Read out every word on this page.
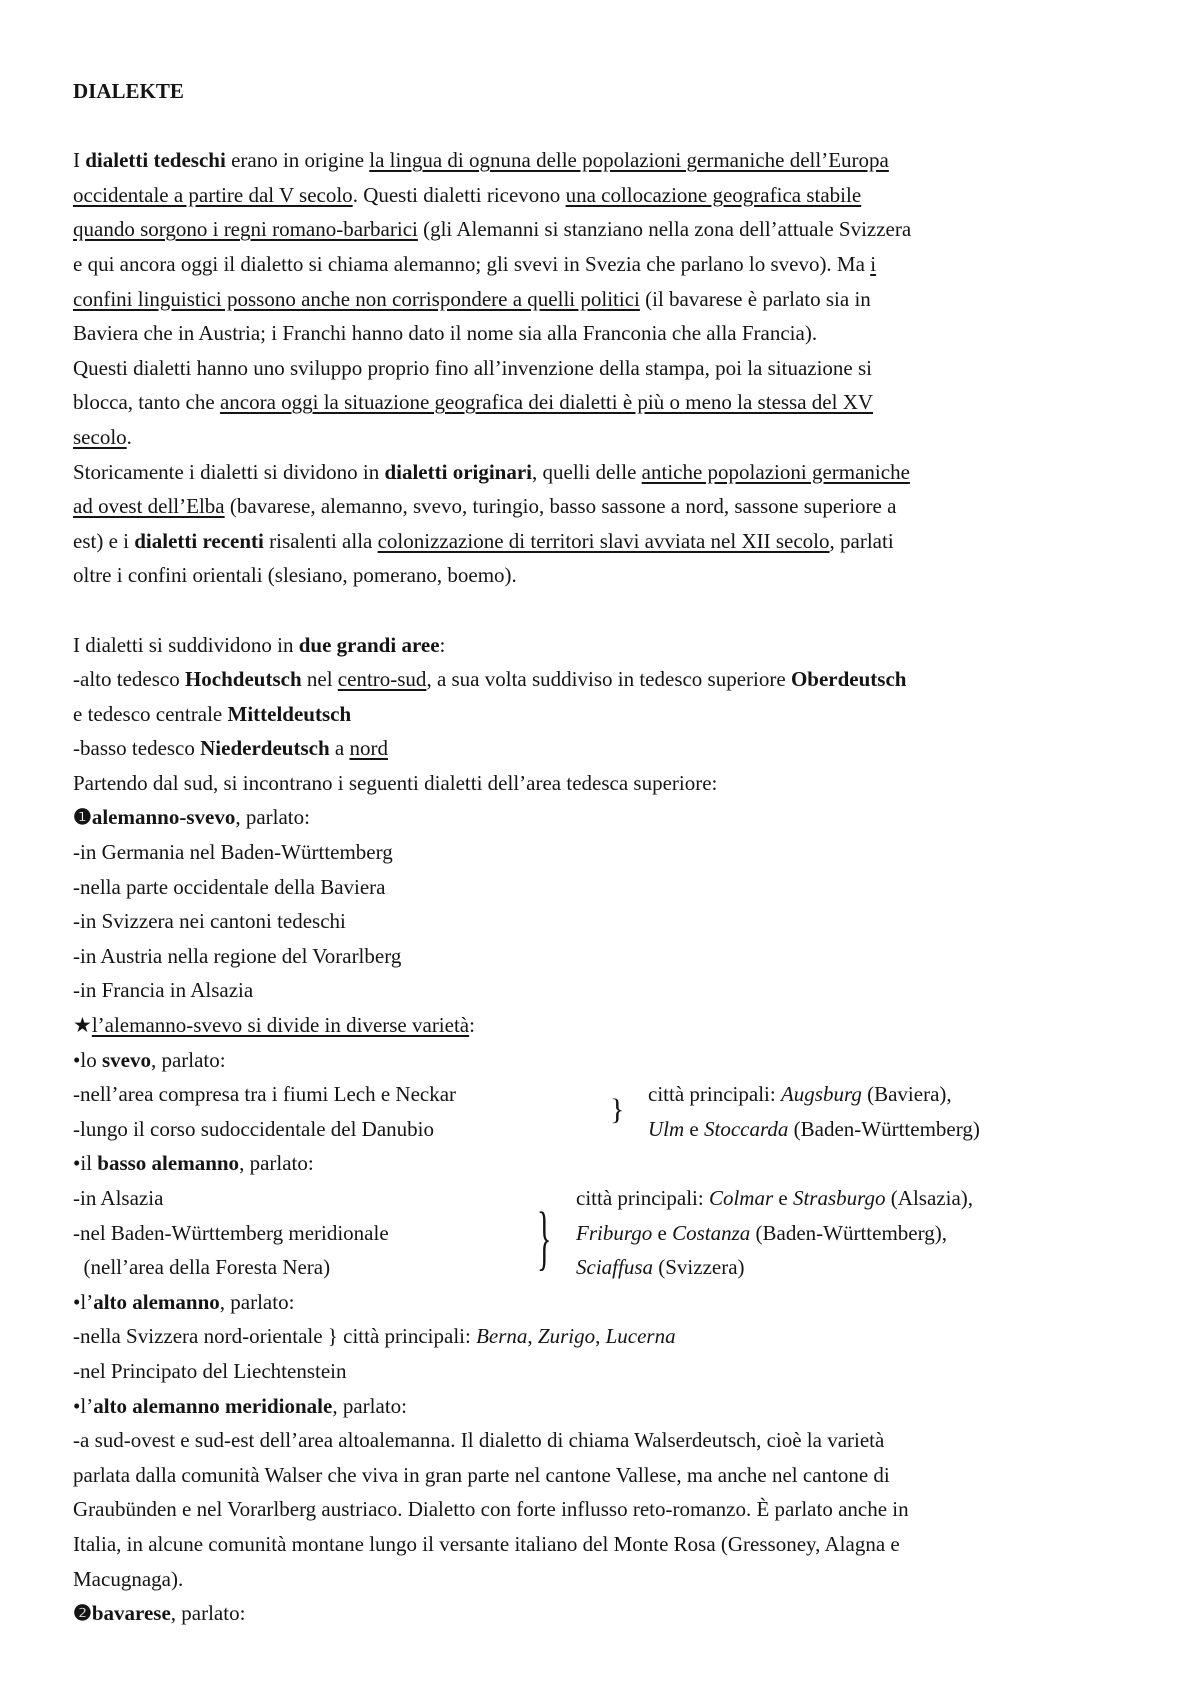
DIALEKTE
I dialetti tedeschi erano in origine la lingua di ognuna delle popolazioni germaniche dell’Europa
occidentale a partire dal V secolo. Questi dialetti ricevono una collocazione geografica stabile
quando sorgono i regni romano-barbarici (gli Alemanni si stanziano nella zona dell’attuale Svizzera
e qui ancora oggi il dialetto si chiama alemanno; gli svevi in Svezia che parlano lo svevo). Ma i
confini linguistici possono anche non corrispondere a quelli politici (il bavarese è parlato sia in
Baviera che in Austria; i Franchi hanno dato il nome sia alla Franconia che alla Francia).
Questi dialetti hanno uno sviluppo proprio fino all’invenzione della stampa, poi la situazione si
blocca, tanto che ancora oggi la situazione geografica dei dialetti è più o meno la stessa del XV
secolo.
Storicamente i dialetti si dividono in dialetti originari, quelli delle antiche popolazioni germaniche
ad ovest dell’Elba (bavarese, alemanno, svevo, turingio, basso sassone a nord, sassone superiore a
est) e i dialetti recenti risalenti alla colonizzazione di territori slavi avviata nel XII secolo, parlati
oltre i confini orientali (slesiano, pomerano, boemo).
I dialetti si suddividono in due grandi aree:
-alto tedesco Hochdeutsch nel centro-sud, a sua volta suddiviso in tedesco superiore Oberdeutsch
e tedesco centrale Mitteldeutsch
-basso tedesco Niederdeutsch a nord
Partendo dal sud, si incontrano i seguenti dialetti dell’area tedesca superiore:
❶alemanno-svevo, parlato:
-in Germania nel Baden-Württemberg
-nella parte occidentale della Baviera
-in Svizzera nei cantoni tedeschi
-in Austria nella regione del Vorarlberg
-in Francia in Alsazia
★l’alemanno-svevo si divide in diverse varietà:
•lo svevo, parlato:
-nell’area compresa tra i fiumi Lech e Neckar	} città principali: Augsburg (Baviera),
-lungo il corso sudoccidentale del Danubio	Ulm e Stoccarda (Baden-Württemberg)
•il basso alemanno, parlato:
-in Alsazia
}
città principali: Colmar e Strasburgo (Alsazia),
-nel Baden-Württemberg meridionale	Friburgo e Costanza (Baden-Württemberg),
(nell’area della Foresta Nera)	Sciaffusa (Svizzera)
•l’alto alemanno, parlato:
-nella Svizzera nord-orientale } città principali: Berna, Zurigo, Lucerna
-nel Principato del Liechtenstein
•l’alto alemanno meridionale, parlato:
-a sud-ovest e sud-est dell’area altoalemanna. Il dialetto di chiama Walserdeutsch, cioè la varietà
parlata dalla comunità Walser che viva in gran parte nel cantone Vallese, ma anche nel cantone di
Graubünden e nel Vorarlberg austriaco. Dialetto con forte influsso reto-romanzo. È parlato anche in
Italia, in alcune comunità montane lungo il versante italiano del Monte Rosa (Gressoney, Alagna e
Macugnaga).
❷bavarese, parlato:
